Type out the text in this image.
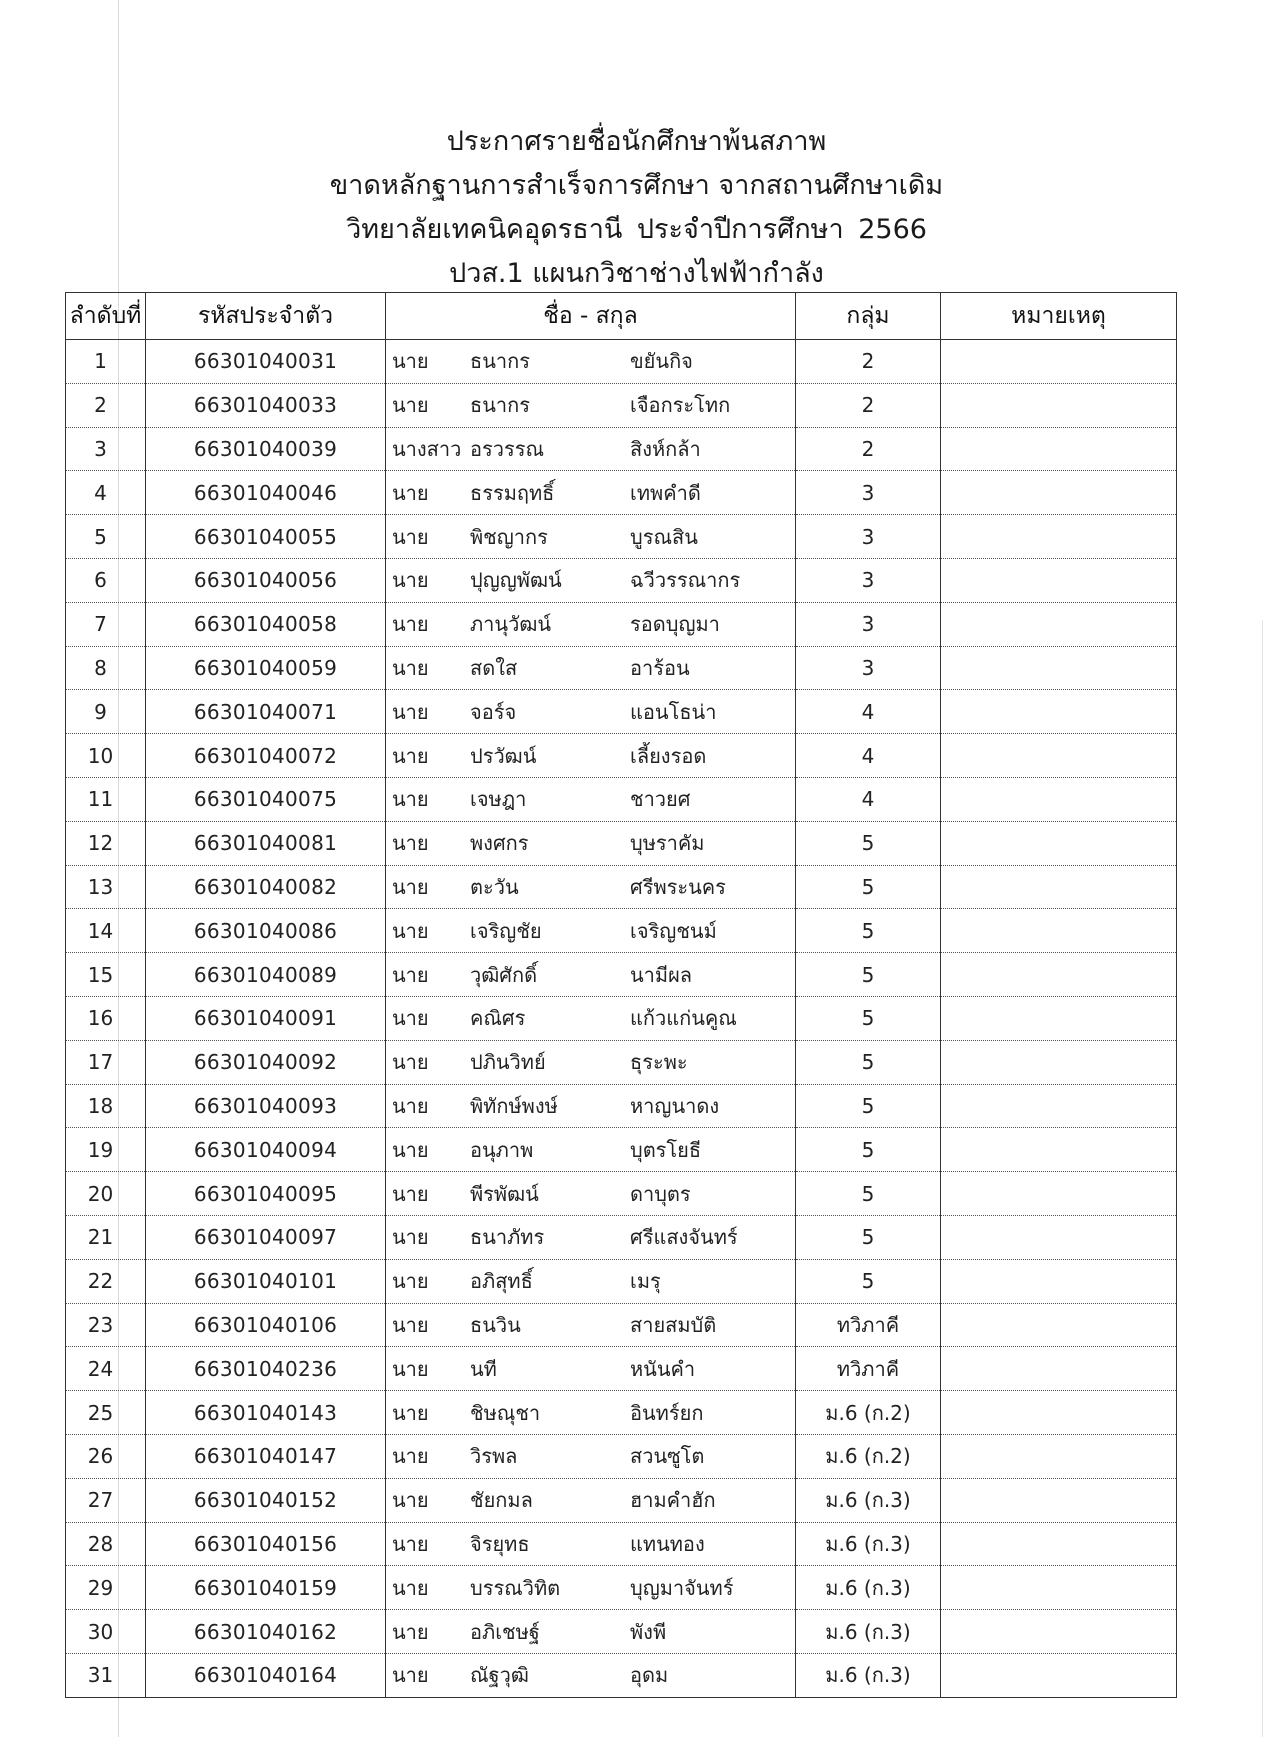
ประกาศรายชื่อนักศึกษาพ้นสภาพ
ขาดหลักฐานการสำเร็จการศึกษา จากสถานศึกษาเดิม
วิทยาลัยเทคนิคอุดรธานี ประจำปีการศึกษา 2566
ปวส.1 แผนกวิชาช่างไฟฟ้ากำลัง
ลำดับที่	รหัสประจำตัว	ชื่อ - สกุล	กลุ่ม	หมายเหตุ
1	66301040031	นาย ธนากร ขยันกิจ	2	
2	66301040033	นาย ธนากร เจือกระโทก	2	
3	66301040039	นางสาว อรวรรณ สิงห์กล้า	2	
4	66301040046	นาย ธรรมฤทธิ์ เทพคำดี	3	
5	66301040055	นาย พิชญากร บูรณสิน	3	
6	66301040056	นาย ปุญญพัฒน์ ฉวีวรรณากร	3	
7	66301040058	นาย ภานุวัฒน์ รอดบุญมา	3	
8	66301040059	นาย สดใส อาร้อน	3	
9	66301040071	นาย จอร์จ แอนโธน่า	4	
10	66301040072	นาย ปรวัฒน์ เลี้ยงรอด	4	
11	66301040075	นาย เจษฎา ชาวยศ	4	
12	66301040081	นาย พงศกร บุษราคัม	5	
13	66301040082	นาย ตะวัน ศรีพระนคร	5	
14	66301040086	นาย เจริญชัย เจริญชนม์	5	
15	66301040089	นาย วุฒิศักดิ์ นามีผล	5	
16	66301040091	นาย คณิศร แก้วแก่นคูณ	5	
17	66301040092	นาย ปภินวิทย์ ธุระพะ	5	
18	66301040093	นาย พิทักษ์พงษ์ หาญนาดง	5	
19	66301040094	นาย อนุภาพ บุตรโยธี	5	
20	66301040095	นาย พีรพัฒน์ ดาบุตร	5	
21	66301040097	นาย ธนาภัทร ศรีแสงจันทร์	5	
22	66301040101	นาย อภิสุทธิ์ เมรุ	5	
23	66301040106	นาย ธนวิน สายสมบัติ	ทวิภาคี	
24	66301040236	นาย นที หนันคำ	ทวิภาคี	
25	66301040143	นาย ชิษณุชา อินทร์ยก	ม.6 (ก.2)	
26	66301040147	นาย วิรพล สวนซูโต	ม.6 (ก.2)	
27	66301040152	นาย ชัยกมล ฮามคำฮัก	ม.6 (ก.3)	
28	66301040156	นาย จิรยุทธ แทนทอง	ม.6 (ก.3)	
29	66301040159	นาย บรรณวิทิต บุญมาจันทร์	ม.6 (ก.3)	
30	66301040162	นาย อภิเชษฐ์ พังพี	ม.6 (ก.3)	
31	66301040164	นาย ณัฐวุฒิ อุดม	ม.6 (ก.3)	
